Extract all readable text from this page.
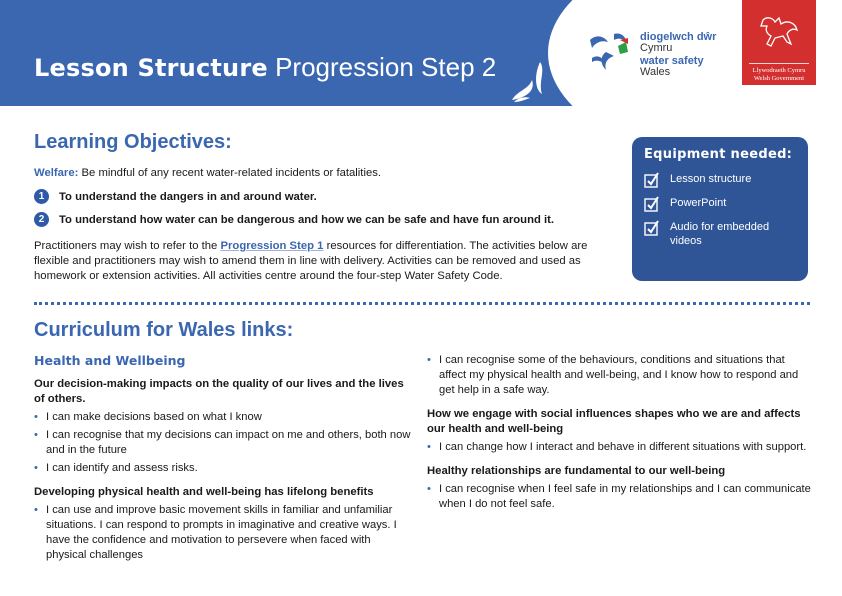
Lesson Structure Progression Step 2
diogelwch dŵr
Cymru
water safety
Wales	Llywodraeth Cymru
Welsh Government
Learning Objectives:
Welfare: Be mindful of any recent water-related incidents or fatalities.
1	To understand the dangers in and around water.
2	To understand how water can be dangerous and how we can be safe and have fun around it.
Practitioners may wish to refer to the Progression Step 1 resources for differentiation. The activities below are flexible and practitioners may wish to amend them in line with delivery. Activities can be removed and used as homework or extension activities. All activities centre around the four-step Water Safety Code.
Equipment needed:
Lesson structure
PowerPoint
Audio for embedded videos
Curriculum for Wales links:
Health and Wellbeing
Our decision-making impacts on the quality of our lives and the lives of others.
• I can make decisions based on what I know
• I can recognise that my decisions can impact on me and others, both now and in the future
• I can identify and assess risks.
Developing physical health and well-being has lifelong benefits
• I can use and improve basic movement skills in familiar and unfamiliar situations. I can respond to prompts in imaginative and creative ways. I have the confidence and motivation to persevere when faced with physical challenges
• I can recognise some of the behaviours, conditions and situations that affect my physical health and well-being, and I know how to respond and get help in a safe way.
How we engage with social influences shapes who we are and affects our health and well-being
• I can change how I interact and behave in different situations with support.
Healthy relationships are fundamental to our well-being
• I can recognise when I feel safe in my relationships and I can communicate when I do not feel safe.
